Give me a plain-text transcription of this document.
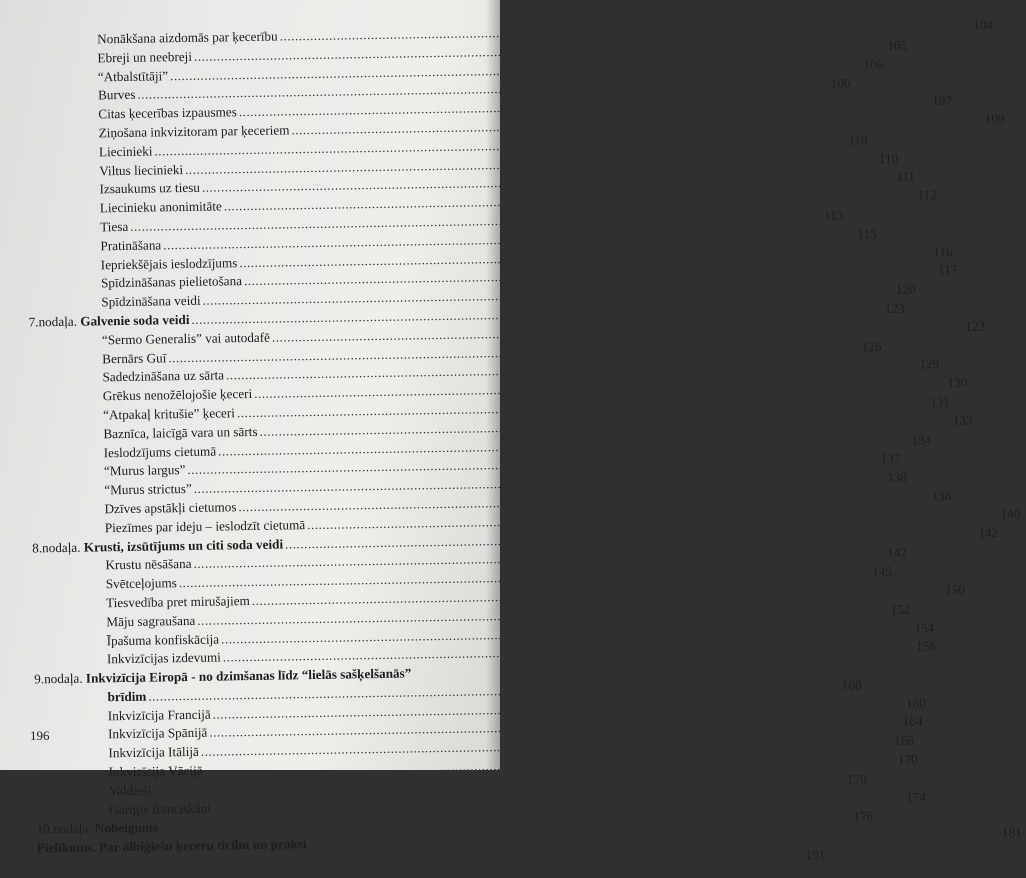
Nonākšana aizdomās par ķecerību
.....
104
Ebreji un neebreji
.....
105
“Atbalstītāji”
.....
106
Burves
.....
106
Citas ķecerības izpausmes
.....
107
Ziņošana inkvizitoram par ķeceriem
.....
109
Liecinieki
.....
110
Viltus liecinieki
.....
110
Izsaukums uz tiesu
.....
111
Liecinieku anonimitāte
.....
112
Tiesa
.....
113
Pratināšana
.....
115
Iepriekšējais ieslodzījums
.....
116
Spīdzināšanas pielietošana
.....
117
Spīdzināšana veidi
.....
120
7.nodaļa. Galvenie soda veidi
.....
123
“Sermo Generalis” vai autodafē
.....
123
Bernārs Guī
.....
126
Sadedzināšana uz sārta
.....
129
Grēkus nenožēlojošie ķeceri
.....
130
“Atpakaļ kritušie” ķeceri
.....
131
Baznīca, laicīgā vara un sārts
.....
133
Ieslodzījums cietumā
.....
134
“Murus largus”
.....
137
“Murus strictus”
.....
138
Dzīves apstākļi cietumos
.....
138
Piezīmes par ideju – ieslodzīt cietumā
.....
140
8.nodaļa. Krusti, izsūtījums un citi soda veidi
.....
142
Krustu nēsāšana
.....
142
Svētceļojums
.....
145
Tiesvedība pret mirušajiem
.....
150
Māju sagraušana
.....
152
Īpašuma konfiskācija
.....
154
Inkvizīcijas izdevumi
.....
158
9.nodaļa. Inkvizīcija Eiropā - no dzimšanas līdz “lielās sašķelšanās”
brīdim
.....
160
Inkvizīcija Francijā
.....
160
Inkvizīcija Spānijā
.....
164
Inkvizīcija Itālijā
.....
166
Inkvizīcija Vācijā
.....
170
Valdieši
.....
170
Garīgie franciskāņi
.....
174
10.nodaļa. Nobeigums
.....
176
Pielikums. Par albiģiešu ķeceru ticību un praksi
.....
181
.....
191
196
